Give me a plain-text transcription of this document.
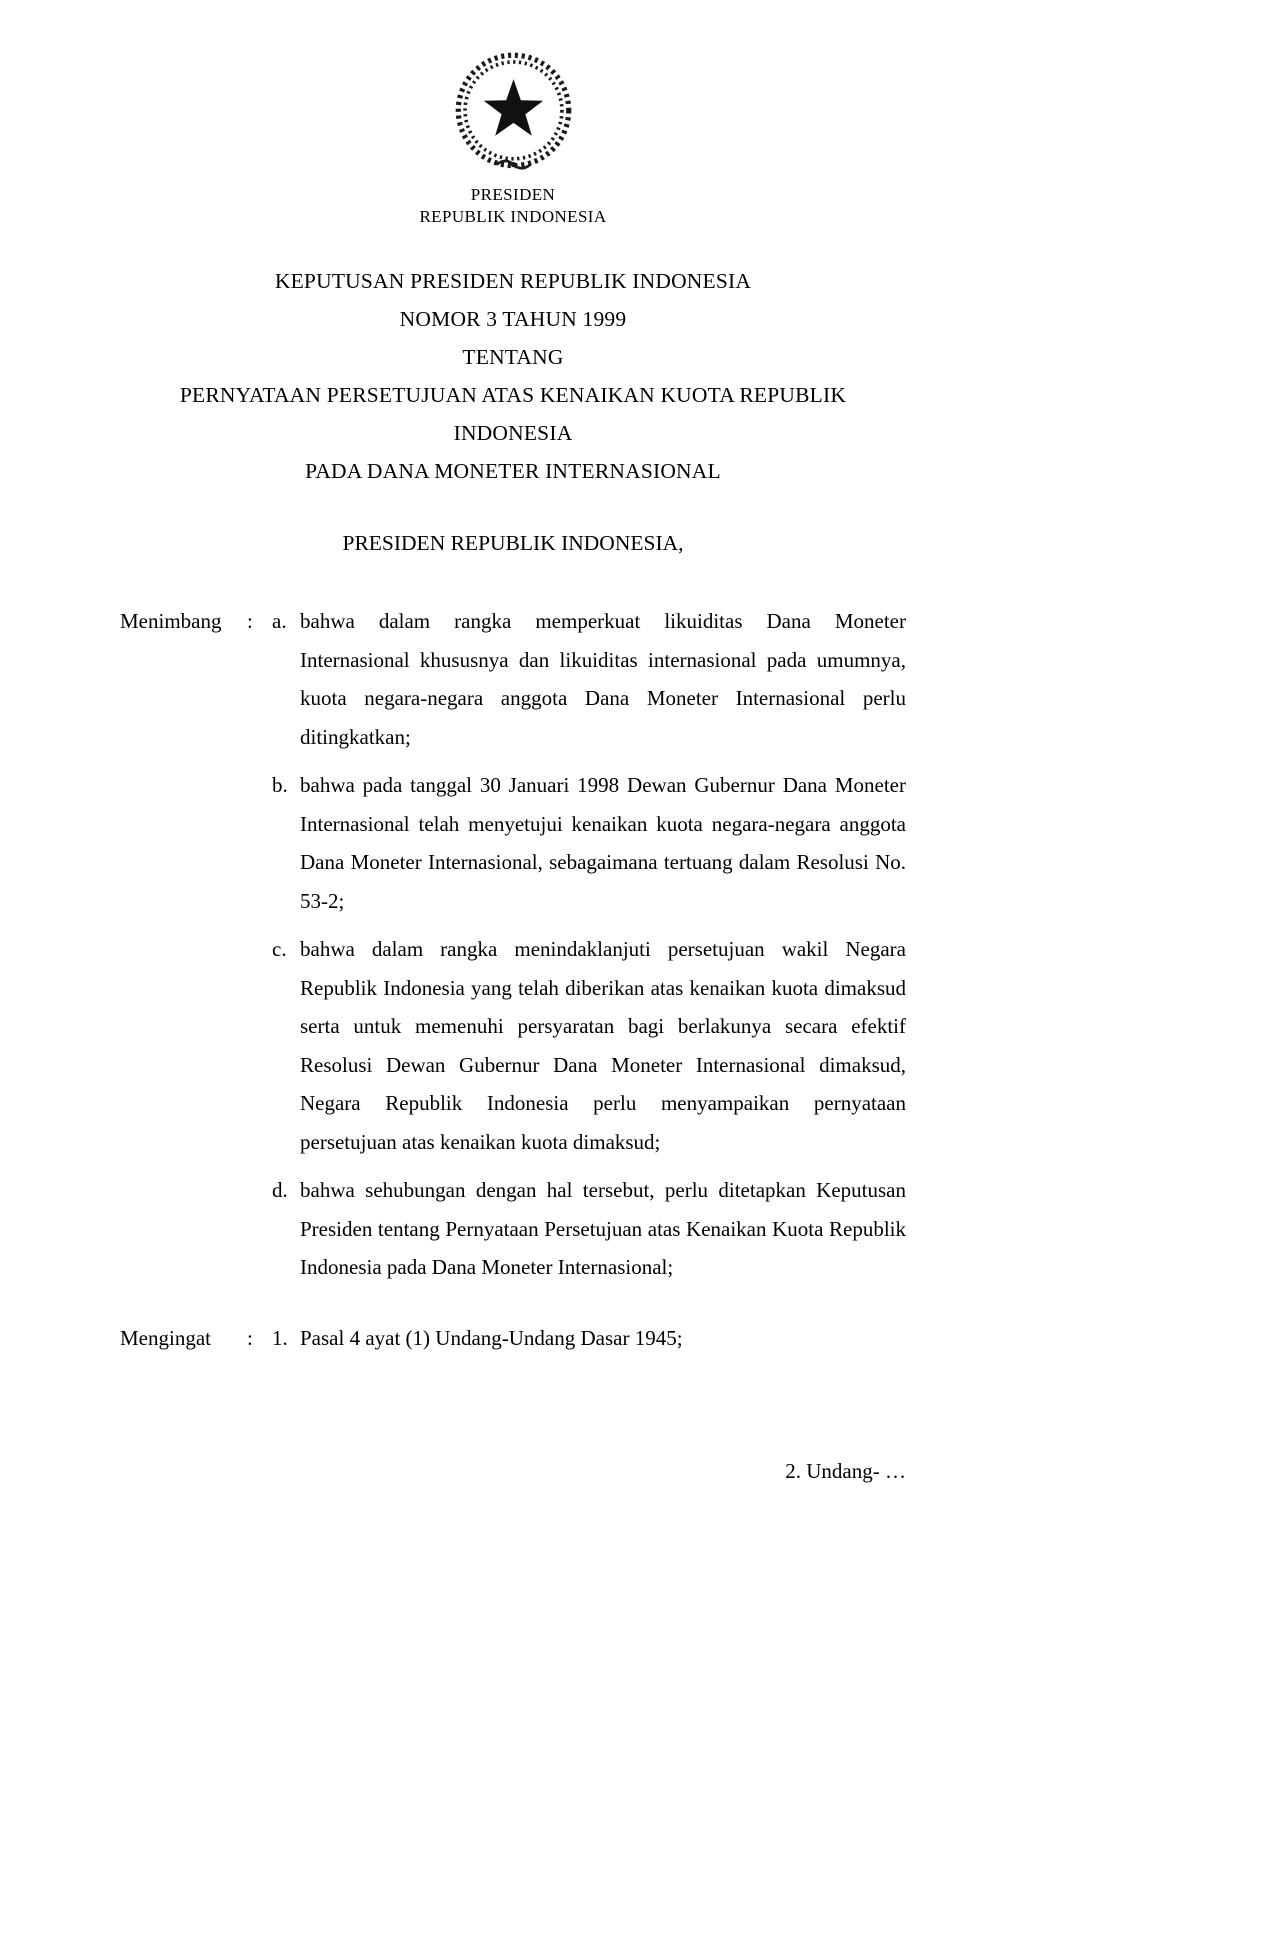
PRESIDEN
REPUBLIK INDONESIA
KEPUTUSAN PRESIDEN REPUBLIK INDONESIA
NOMOR 3 TAHUN 1999
TENTANG
PERNYATAAN PERSETUJUAN ATAS KENAIKAN KUOTA REPUBLIK
INDONESIA
PADA DANA MONETER INTERNASIONAL
PRESIDEN REPUBLIK INDONESIA,
Menimbang	: a. bahwa dalam rangka memperkuat likuiditas Dana Moneter Internasional khususnya dan likuiditas internasional pada umumnya, kuota negara-negara anggota Dana Moneter Internasional perlu ditingkatkan;

b. bahwa pada tanggal 30 Januari 1998 Dewan Gubernur Dana Moneter Internasional telah menyetujui kenaikan kuota negara-negara anggota Dana Moneter Internasional, sebagaimana tertuang dalam Resolusi No. 53-2;

c. bahwa dalam rangka menindaklanjuti persetujuan wakil Negara Republik Indonesia yang telah diberikan atas kenaikan kuota dimaksud serta untuk memenuhi persyaratan bagi berlakunya secara efektif Resolusi Dewan Gubernur Dana Moneter Internasional dimaksud, Negara Republik Indonesia perlu menyampaikan pernyataan persetujuan atas kenaikan kuota dimaksud;

d. bahwa sehubungan dengan hal tersebut, perlu ditetapkan Keputusan Presiden tentang Pernyataan Persetujuan atas Kenaikan Kuota Republik Indonesia pada Dana Moneter Internasional;

Mengingat	: 1. Pasal 4 ayat (1) Undang-Undang Dasar 1945;

2. Undang- …
